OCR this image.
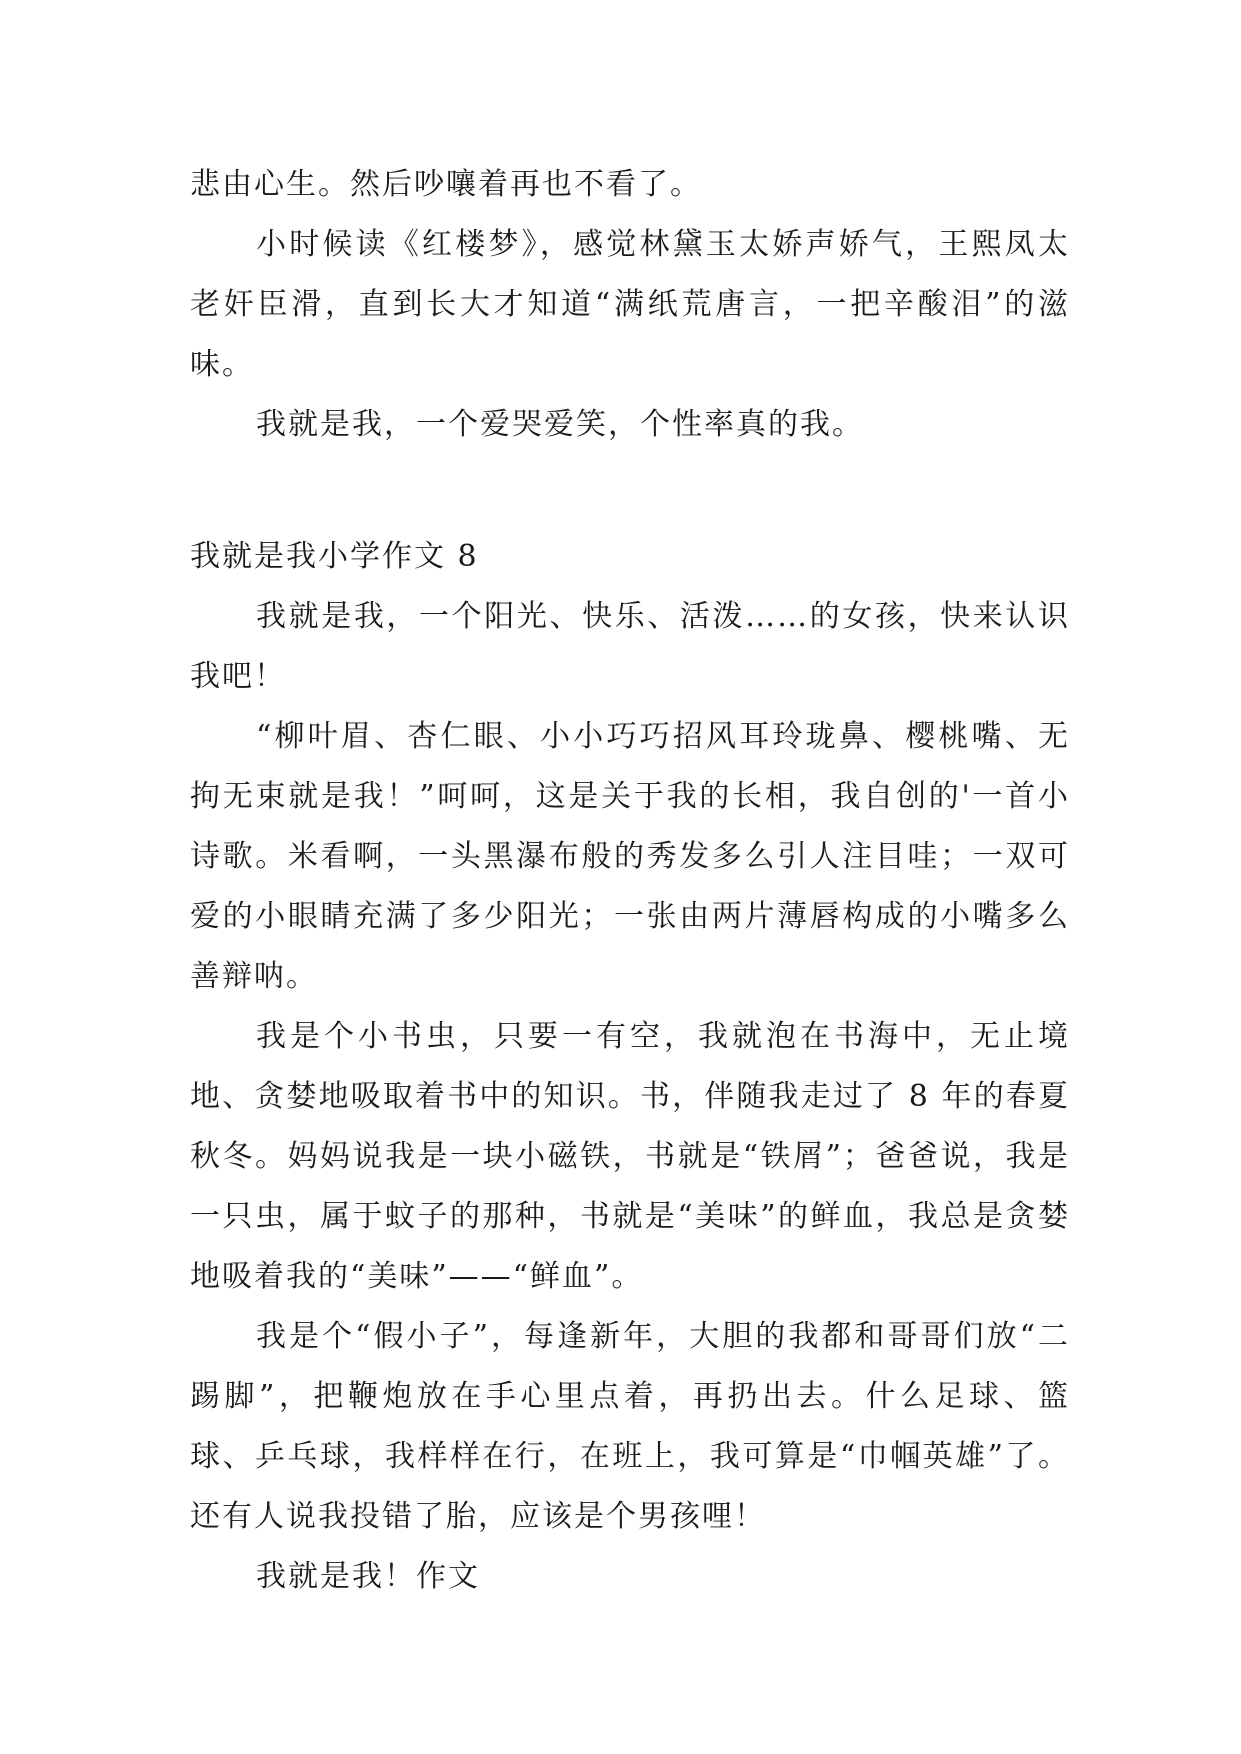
悲由心生。然后吵嚷着再也不看了。

小时候读《红楼梦》，感觉林黛玉太娇声娇气，王熙凤太老奸臣滑，直到长大才知道“满纸荒唐言，一把辛酸泪”的滋味。

我就是我，一个爱哭爱笑，个性率真的我。

我就是我小学作文 8

我就是我，一个阳光、快乐、活泼……的女孩，快来认识我吧！

“柳叶眉、杏仁眼、小小巧巧招风耳玲珑鼻、樱桃嘴、无拘无束就是我！”呵呵，这是关于我的长相，我自创的'一首小诗歌。米看啊，一头黑瀑布般的秀发多么引人注目哇；一双可爱的小眼睛充满了多少阳光；一张由两片薄唇构成的小嘴多么善辩呐。

我是个小书虫，只要一有空，我就泡在书海中，无止境地、贪婪地吸取着书中的知识。书，伴随我走过了 8 年的春夏秋冬。妈妈说我是一块小磁铁，书就是“铁屑”；爸爸说，我是一只虫，属于蚊子的那种，书就是“美味”的鲜血，我总是贪婪地吸着我的“美味”——“鲜血”。

我是个“假小子”，每逢新年，大胆的我都和哥哥们放“二踢脚”，把鞭炮放在手心里点着，再扔出去。什么足球、篮球、乒乓球，我样样在行，在班上，我可算是“巾帼英雄”了。还有人说我投错了胎，应该是个男孩哩！

我就是我！作文
